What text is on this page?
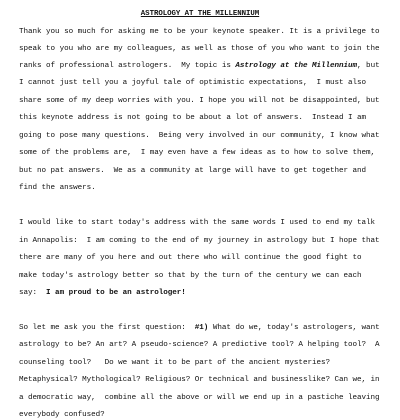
ASTROLOGY AT THE MILLENNIUM
Thank you so much for asking me to be your keynote speaker. It is a privilege to
speak to you who are my colleagues, as well as those of you who want to join the
ranks of professional astrologers.  My topic is Astrology at the Millennium, but
I cannot just tell you a joyful tale of optimistic expectations,  I must also
share some of my deep worries with you. I hope you will not be disappointed, but
this keynote address is not going to be about a lot of answers.  Instead I am
going to pose many questions.  Being very involved in our community, I know what
some of the problems are,  I may even have a few ideas as to how to solve them,
but no pat answers.  We as a community at large will have to get together and
find the answers.
I would like to start today's address with the same words I used to end my talk
in Annapolis:  I am coming to the end of my journey in astrology but I hope that
there are many of you here and out there who will continue the good fight to
make today's astrology better so that by the turn of the century we can each
say:  I am proud to be an astrologer!
So let me ask you the first question:  #1) What do we, today's astrologers, want
astrology to be? An art? A pseudo-science? A predictive tool? A helping tool?  A
counseling tool?   Do we want it to be part of the ancient mysteries?
Metaphysical? Mythological? Religious? Or technical and businesslike? Can we, in
a democratic way,  combine all the above or will we end up in a pastiche leaving
everybody confused?
